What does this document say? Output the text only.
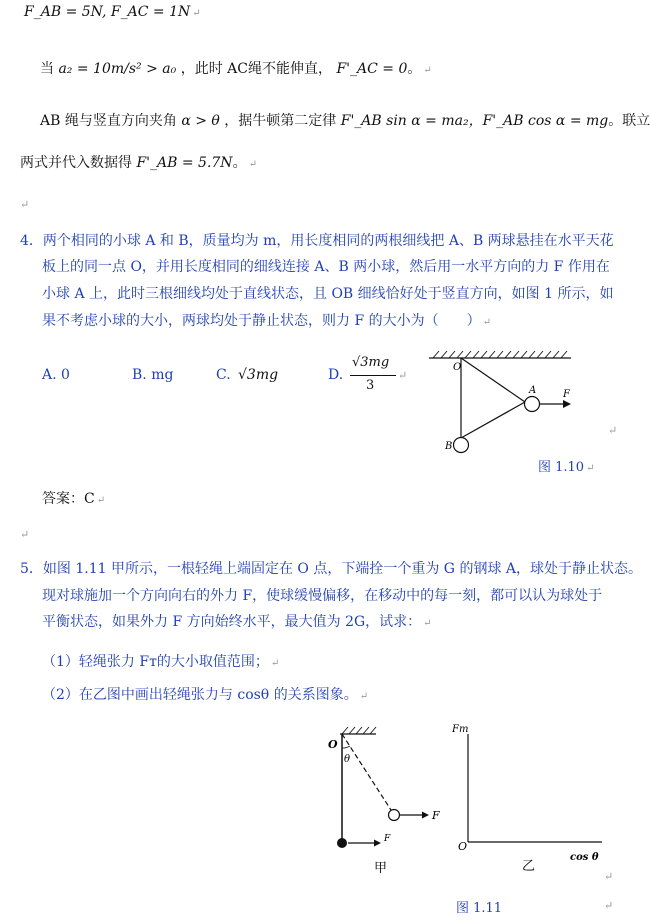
F_AB = 5N, F_AC = 1N ↵
当 a₂ = 10m/s² > a₀ ，此时 AC绳不能伸直， F'_AC = 0。 ↵
AB 绳与竖直方向夹角 α > θ ，据牛顿第二定律 F'_AB sin α = ma₂，F'_AB cos α = mg。联立
两式并代入数据得 F'_AB = 5.7N。 ↵
↵
4．两个相同的小球 A 和 B，质量均为 m，用长度相同的两根细线把 A、B 两球悬挂在水平天花
板上的同一点 O，并用长度相同的细线连接 A、B 两小球，然后用一水平方向的力 F 作用在
小球 A 上，此时三根细线均处于直线状态，且 OB 细线恰好处于竖直方向，如图 1 所示，如
果不考虑小球的大小，两球均处于静止状态，则力 F 的大小为（　　） ↵
A. 0	B. mg	C. √3mg	D.
√3mg
3
↵
O
A
B
F
↵
图 1.10 ↵
答案：C ↵
↵
5．如图 1.11 甲所示，一根轻绳上端固定在 O 点，下端拴一个重为 G 的钢球 A，球处于静止状态。
现对球施加一个方向向右的外力 F，使球缓慢偏移，在移动中的每一刻，都可以认为球处于
平衡状态，如果外力 F 方向始终水平，最大值为 2G，试求： ↵
（1）轻绳张力 Fт的大小取值范围； ↵
（2）在乙图中画出轻绳张力与 cosθ 的关系图象。 ↵
O
θ
F
F
甲
Fт
O
cos θ
乙
↵
图 1.11	↵
